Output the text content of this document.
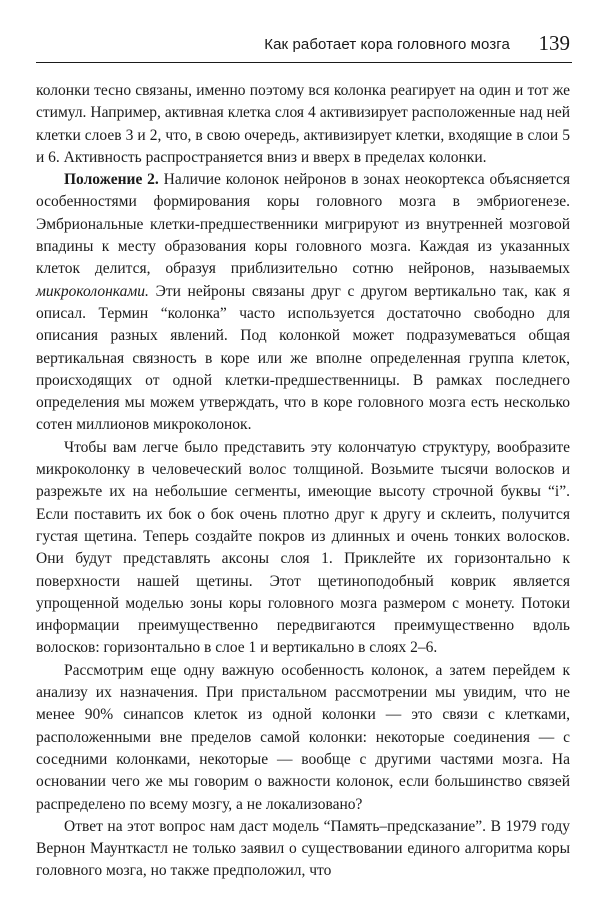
Как работает кора головного мозга 139

колонки тесно связаны, именно поэтому вся колонка реагирует на один и тот же стимул. Например, активная клетка слоя 4 активизирует расположенные над ней клетки слоев 3 и 2, что, в свою очередь, активизирует клетки, входящие в слои 5 и 6. Активность распространяется вниз и вверх в пределах колонки.

Положение 2. Наличие колонок нейронов в зонах неокортекса объясняется особенностями формирования коры головного мозга в эмбриогенезе. Эмбриональные клетки-предшественники мигрируют из внутренней мозговой впадины к месту образования коры головного мозга. Каждая из указанных клеток делится, образуя приблизительно сотню нейронов, называемых микроколонками. Эти нейроны связаны друг с другом вертикально так, как я описал. Термин “колонка” часто используется достаточно свободно для описания разных явлений. Под колонкой может подразумеваться общая вертикальная связность в коре или же вполне определенная группа клеток, происходящих от одной клетки-предшественницы. В рамках последнего определения мы можем утверждать, что в коре головного мозга есть несколько сотен миллионов микроколонок.

Чтобы вам легче было представить эту колончатую структуру, вообразите микроколонку в человеческий волос толщиной. Возьмите тысячи волосков и разрежьте их на небольшие сегменты, имеющие высоту строчной буквы “i”. Если поставить их бок о бок очень плотно друг к другу и склеить, получится густая щетина. Теперь создайте покров из длинных и очень тонких волосков. Они будут представлять аксоны слоя 1. Приклейте их горизонтально к поверхности нашей щетины. Этот щетиноподобный коврик является упрощенной моделью зоны коры головного мозга размером с монету. Потоки информации преимущественно передвигаются преимущественно вдоль волосков: горизонтально в слое 1 и вертикально в слоях 2–6.

Рассмотрим еще одну важную особенность колонок, а затем перейдем к анализу их назначения. При пристальном рассмотрении мы увидим, что не менее 90% синапсов клеток из одной колонки — это связи с клетками, расположенными вне пределов самой колонки: некоторые соединения — с соседними колонками, некоторые — вообще с другими частями мозга. На основании чего же мы говорим о важности колонок, если большинство связей распределено по всему мозгу, а не локализовано?

Ответ на этот вопрос нам даст модель “Память–предсказание”. В 1979 году Вернон Маунткастл не только заявил о существовании единого алгоритма коры головного мозга, но также предположил, что
